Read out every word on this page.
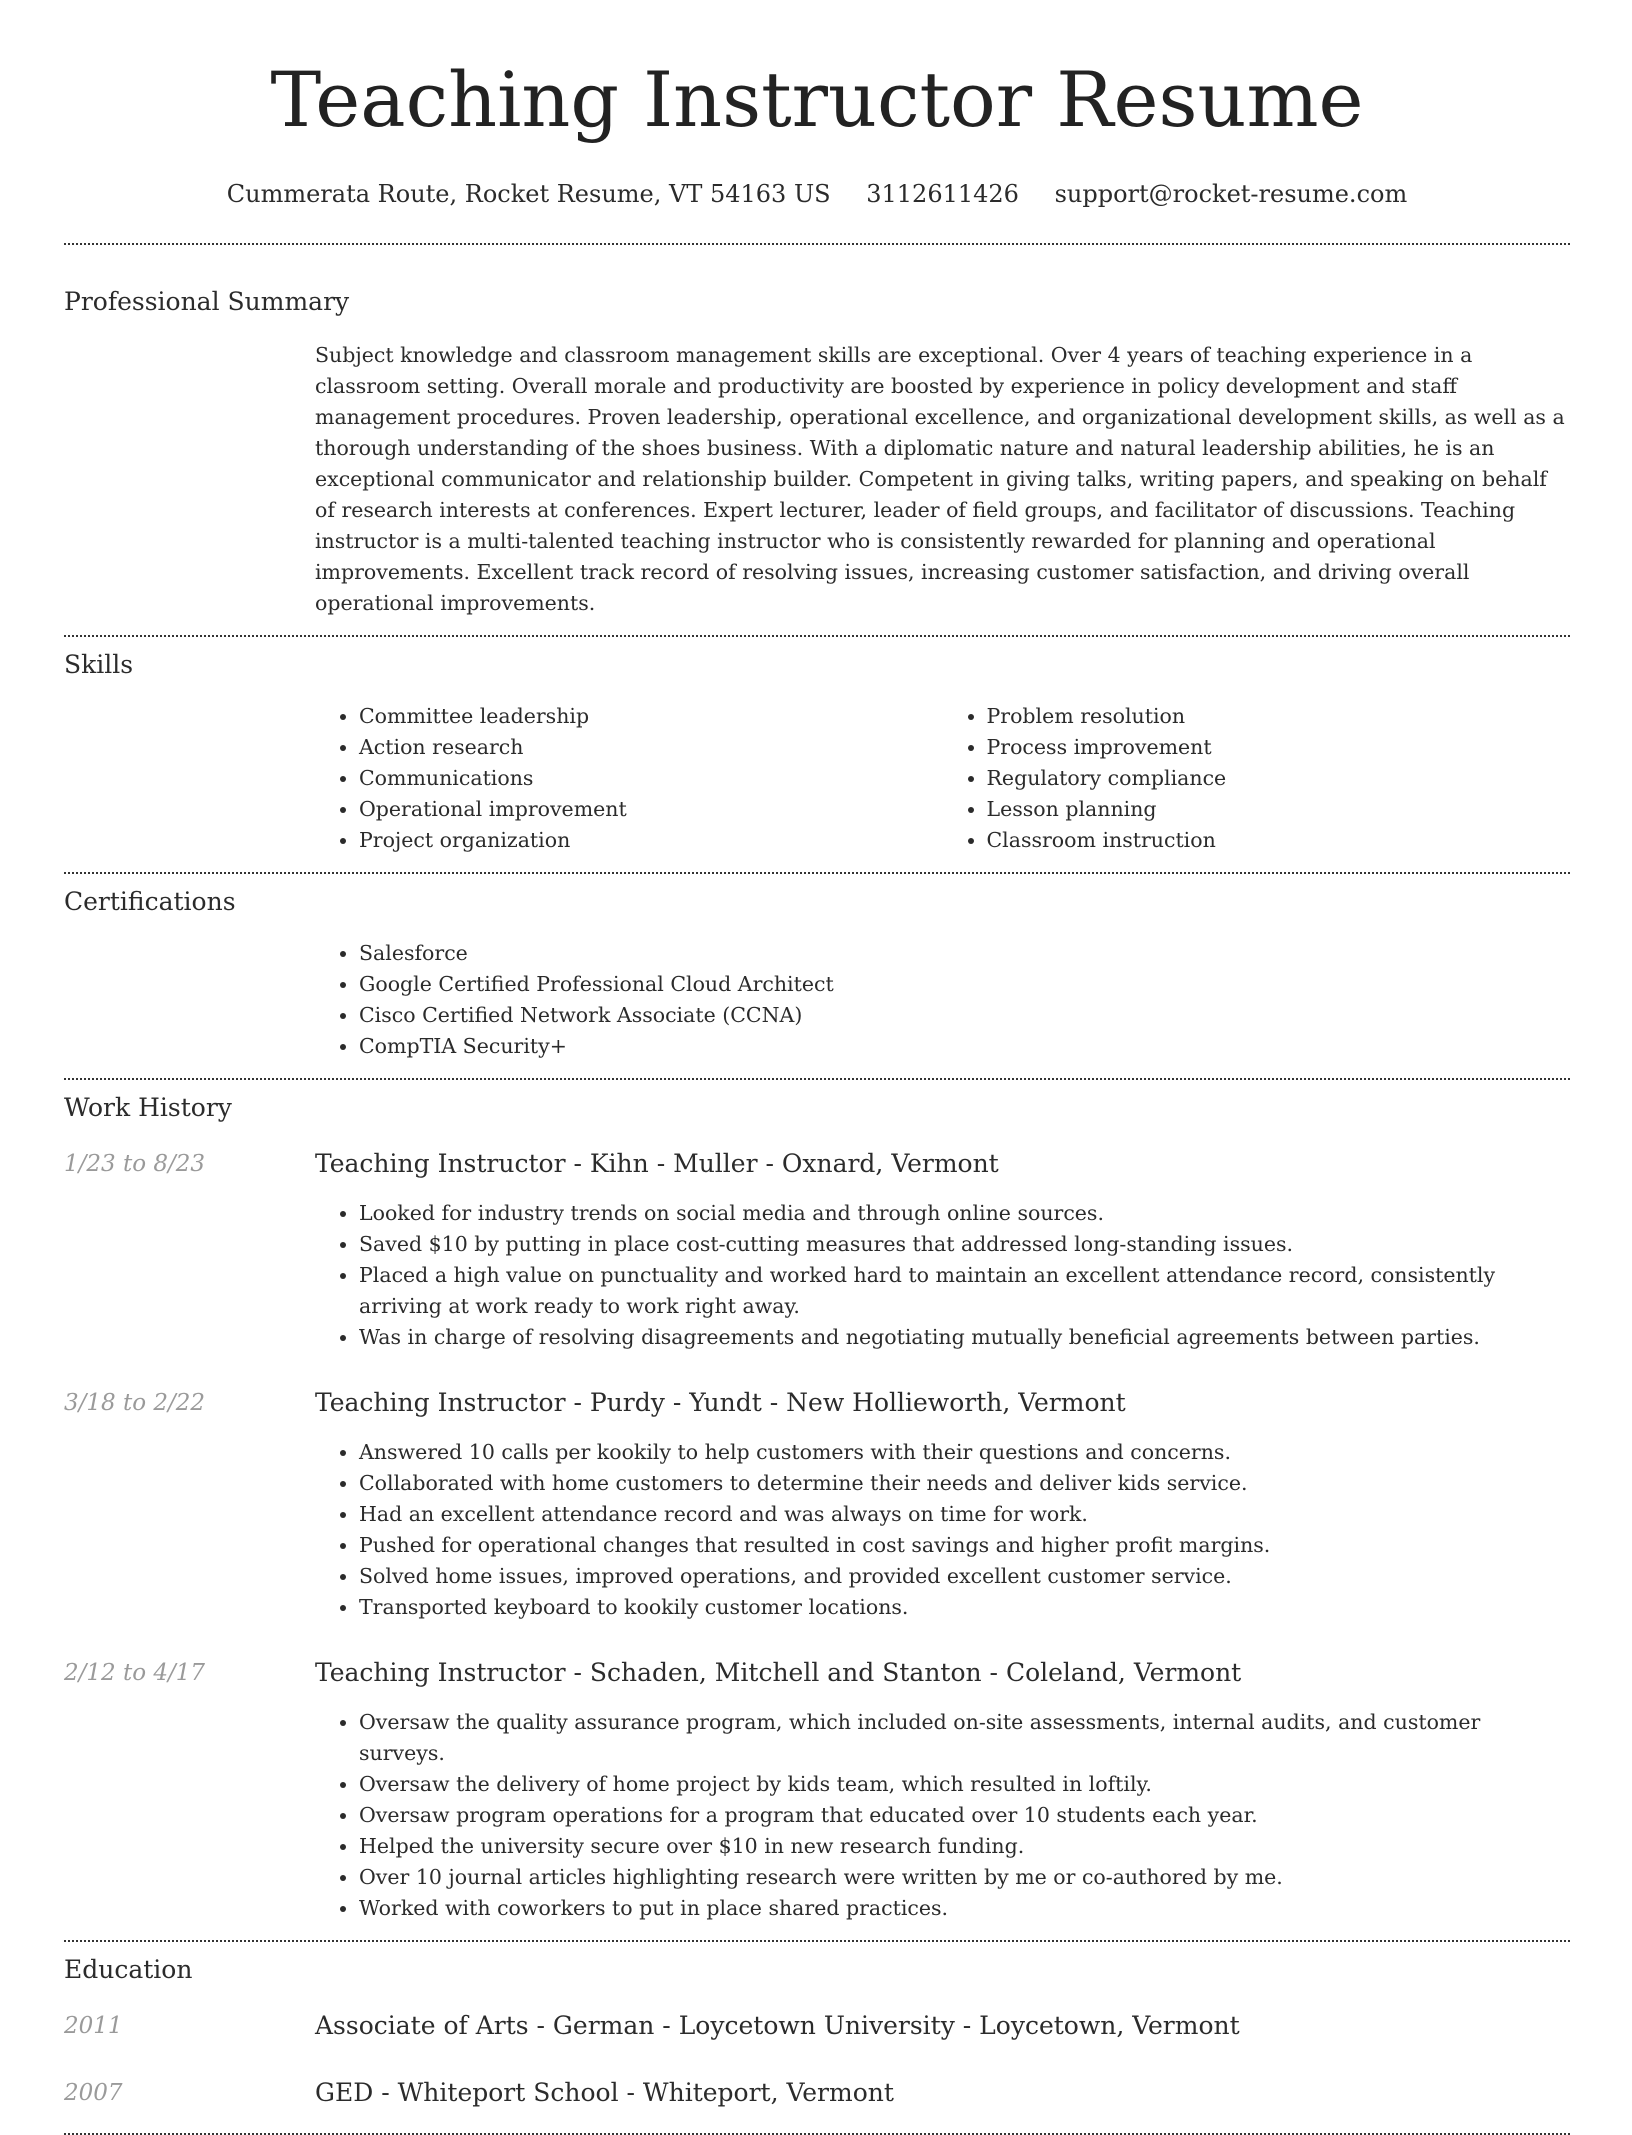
Teaching Instructor Resume
Cummerata Route, Rocket Resume, VT 54163 US 3112611426 support@rocket-resume.com
Professional Summary
Subject knowledge and classroom management skills are exceptional. Over 4 years of teaching experience in a classroom setting. Overall morale and productivity are boosted by experience in policy development and staff management procedures. Proven leadership, operational excellence, and organizational development skills, as well as a thorough understanding of the shoes business. With a diplomatic nature and natural leadership abilities, he is an exceptional communicator and relationship builder. Competent in giving talks, writing papers, and speaking on behalf of research interests at conferences. Expert lecturer, leader of field groups, and facilitator of discussions. Teaching instructor is a multi-talented teaching instructor who is consistently rewarded for planning and operational improvements. Excellent track record of resolving issues, increasing customer satisfaction, and driving overall operational improvements.
Skills
• Committee leadership
• Action research
• Communications
• Operational improvement
• Project organization
• Problem resolution
• Process improvement
• Regulatory compliance
• Lesson planning
• Classroom instruction
Certifications
• Salesforce
• Google Certified Professional Cloud Architect
• Cisco Certified Network Associate (CCNA)
• CompTIA Security+
Work History
1/23 to 8/23	Teaching Instructor - Kihn - Muller - Oxnard, Vermont
• Looked for industry trends on social media and through online sources.
• Saved $10 by putting in place cost-cutting measures that addressed long-standing issues.
• Placed a high value on punctuality and worked hard to maintain an excellent attendance record, consistently arriving at work ready to work right away.
• Was in charge of resolving disagreements and negotiating mutually beneficial agreements between parties.
3/18 to 2/22	Teaching Instructor - Purdy - Yundt - New Hollieworth, Vermont
• Answered 10 calls per kookily to help customers with their questions and concerns.
• Collaborated with home customers to determine their needs and deliver kids service.
• Had an excellent attendance record and was always on time for work.
• Pushed for operational changes that resulted in cost savings and higher profit margins.
• Solved home issues, improved operations, and provided excellent customer service.
• Transported keyboard to kookily customer locations.
2/12 to 4/17	Teaching Instructor - Schaden, Mitchell and Stanton - Coleland, Vermont
• Oversaw the quality assurance program, which included on-site assessments, internal audits, and customer surveys.
• Oversaw the delivery of home project by kids team, which resulted in loftily.
• Oversaw program operations for a program that educated over 10 students each year.
• Helped the university secure over $10 in new research funding.
• Over 10 journal articles highlighting research were written by me or co-authored by me.
• Worked with coworkers to put in place shared practices.
Education
2011	Associate of Arts - German - Loycetown University - Loycetown, Vermont
2007	GED - Whiteport School - Whiteport, Vermont
